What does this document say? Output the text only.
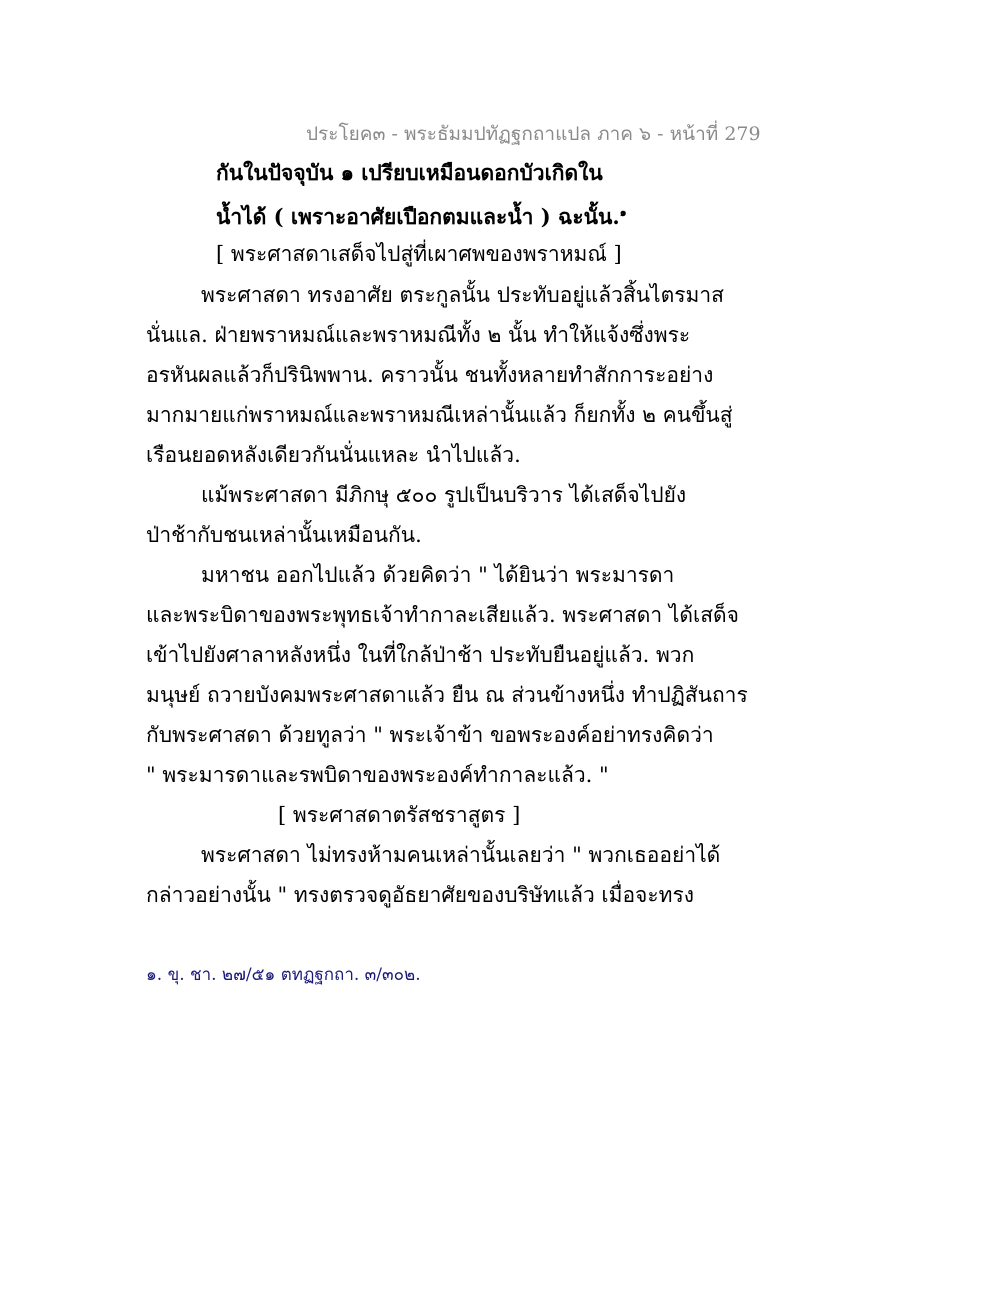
ประโยค๓ - พระธัมมปทัฏฐกถาแปล ภาค ๖ - หน้าที่ 279
กันในปัจจุบัน ๑ เปรียบเหมือนดอกบัวเกิดใน
น้ำได้ ( เพราะอาศัยเปือกตมและน้ำ ) ฉะนั้น.$^๑$
[ พระศาสดาเสด็จไปสู่ที่เผาศพของพราหมณ์ ]
พระศาสดา ทรงอาศัย ตระกูลนั้น ประทับอยู่แล้วสิ้นไตรมาส
นั่นแล. ฝ่ายพราหมณ์และพราหมณีทั้ง ๒ นั้น ทำให้แจ้งซึ่งพระ
อรหันผลแล้วก็ปรินิพพาน. คราวนั้น ชนทั้งหลายทำสักการะอย่าง
มากมายแก่พราหมณ์และพราหมณีเหล่านั้นแล้ว ก็ยกทั้ง ๒ คนขึ้นสู่
เรือนยอดหลังเดียวกันนั่นแหละ นำไปแล้ว.
แม้พระศาสดา มีภิกษุ ๕๐๐ รูปเป็นบริวาร ได้เสด็จไปยัง
ป่าช้ากับชนเหล่านั้นเหมือนกัน.
มหาชน ออกไปแล้ว ด้วยคิดว่า " ได้ยินว่า พระมารดา
และพระบิดาของพระพุทธเจ้าทำกาละเสียแล้ว. พระศาสดา ได้เสด็จ
เข้าไปยังศาลาหลังหนึ่ง ในที่ใกล้ป่าช้า ประทับยืนอยู่แล้ว. พวก
มนุษย์ ถวายบังคมพระศาสดาแล้ว ยืน ณ ส่วนข้างหนึ่ง ทำปฏิสันถาร
กับพระศาสดา ด้วยทูลว่า " พระเจ้าข้า ขอพระองค์อย่าทรงคิดว่า
" พระมารดาและรพบิดาของพระองค์ทำกาละแล้ว. "
[ พระศาสดาตรัสชราสูตร ]
พระศาสดา ไม่ทรงห้ามคนเหล่านั้นเลยว่า " พวกเธออย่าได้
กล่าวอย่างนั้น " ทรงตรวจดูอัธยาศัยของบริษัทแล้ว เมื่อจะทรง
๑. ขุ. ชา. ๒๗/๕๑ ตทฏฐกถา. ๓/๓๐๒.
